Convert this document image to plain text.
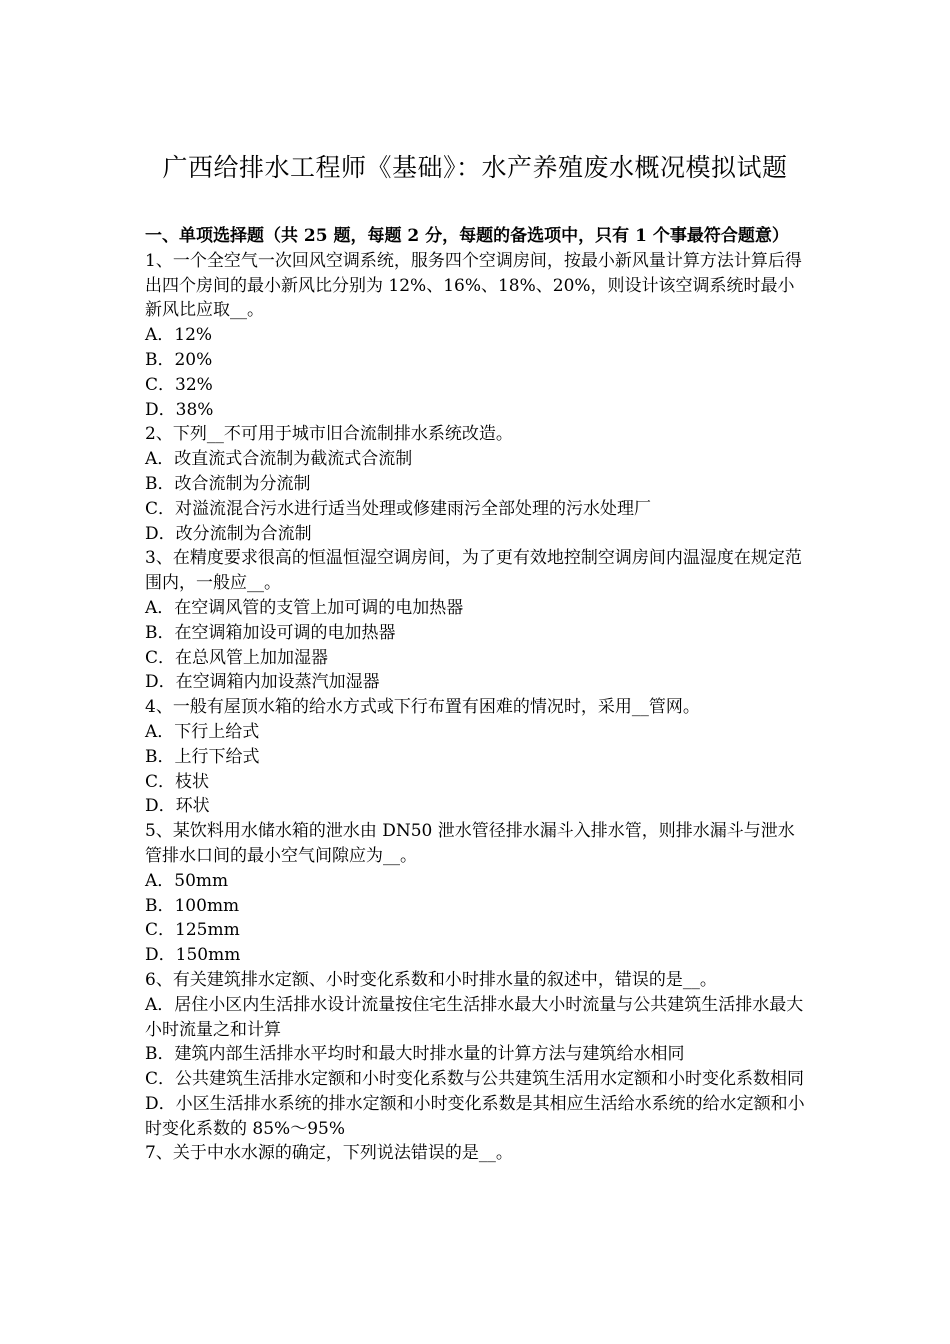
广西给排水工程师《基础》：水产养殖废水概况模拟试题

一、单项选择题（共 25 题，每题 2 分，每题的备选项中，只有 1 个事最符合题意）

1、一个全空气一次回风空调系统，服务四个空调房间，按最小新风量计算方法计算后得出四个房间的最小新风比分别为 12%、16%、18%、20%，则设计该空调系统时最小新风比应取__。

A．12%

B．20%

C．32%

D．38%

2、下列__不可用于城市旧合流制排水系统改造。

A．改直流式合流制为截流式合流制

B．改合流制为分流制

C．对溢流混合污水进行适当处理或修建雨污全部处理的污水处理厂

D．改分流制为合流制

3、在精度要求很高的恒温恒湿空调房间，为了更有效地控制空调房间内温湿度在规定范围内，一般应__。

A．在空调风管的支管上加可调的电加热器

B．在空调箱加设可调的电加热器

C．在总风管上加加湿器

D．在空调箱内加设蒸汽加湿器

4、一般有屋顶水箱的给水方式或下行布置有困难的情况时，采用__管网。

A．下行上给式

B．上行下给式

C．枝状

D．环状

5、某饮料用水储水箱的泄水由 DN50 泄水管径排水漏斗入排水管，则排水漏斗与泄水管排水口间的最小空气间隙应为__。

A．50mm

B．100mm

C．125mm

D．150mm

6、有关建筑排水定额、小时变化系数和小时排水量的叙述中，错误的是__。

A．居住小区内生活排水设计流量按住宅生活排水最大小时流量与公共建筑生活排水最大小时流量之和计算

B．建筑内部生活排水平均时和最大时排水量的计算方法与建筑给水相同

C．公共建筑生活排水定额和小时变化系数与公共建筑生活用水定额和小时变化系数相同

D．小区生活排水系统的排水定额和小时变化系数是其相应生活给水系统的给水定额和小时变化系数的 85%～95%

7、关于中水水源的确定，下列说法错误的是__。
